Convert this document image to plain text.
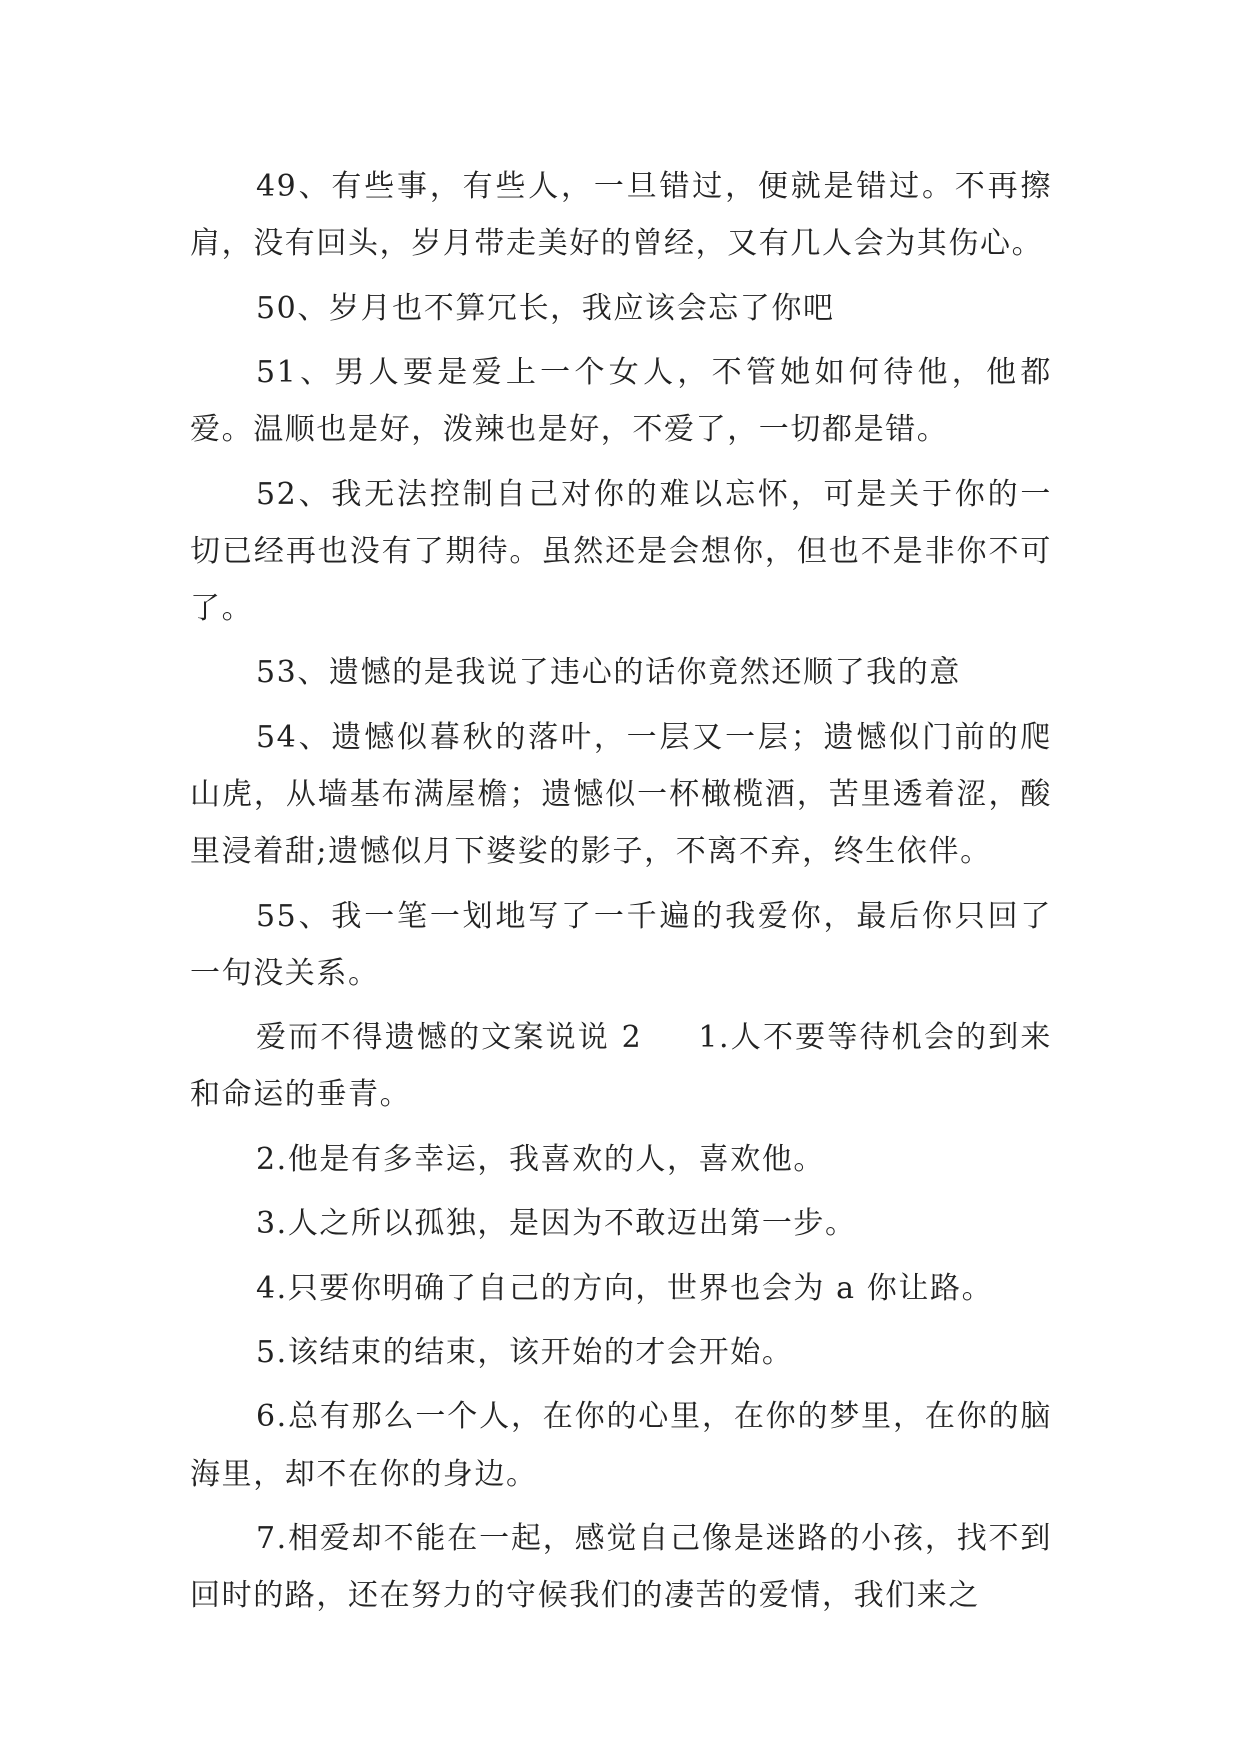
49、有些事，有些人，一旦错过，便就是错过。不再擦肩，没有回头，岁月带走美好的曾经，又有几人会为其伤心。

50、岁月也不算冗长，我应该会忘了你吧

51、男人要是爱上一个女人，不管她如何待他，他都爱。温顺也是好，泼辣也是好，不爱了，一切都是错。

52、我无法控制自己对你的难以忘怀，可是关于你的一切已经再也没有了期待。虽然还是会想你，但也不是非你不可了。

53、遗憾的是我说了违心的话你竟然还顺了我的意

54、遗憾似暮秋的落叶，一层又一层；遗憾似门前的爬山虎，从墙基布满屋檐；遗憾似一杯橄榄酒，苦里透着涩，酸里浸着甜;遗憾似月下婆娑的影子，不离不弃，终生依伴。

55、我一笔一划地写了一千遍的我爱你，最后你只回了一句没关系。

爱而不得遗憾的文案说说 2 1.人不要等待机会的到来和命运的垂青。

2.他是有多幸运，我喜欢的人，喜欢他。

3.人之所以孤独，是因为不敢迈出第一步。

4.只要你明确了自己的方向，世界也会为 a 你让路。

5.该结束的结束，该开始的才会开始。

6.总有那么一个人，在你的心里，在你的梦里，在你的脑海里，却不在你的身边。

7.相爱却不能在一起，感觉自己像是迷路的小孩，找不到回时的路，还在努力的守候我们的凄苦的爱情，我们来之
